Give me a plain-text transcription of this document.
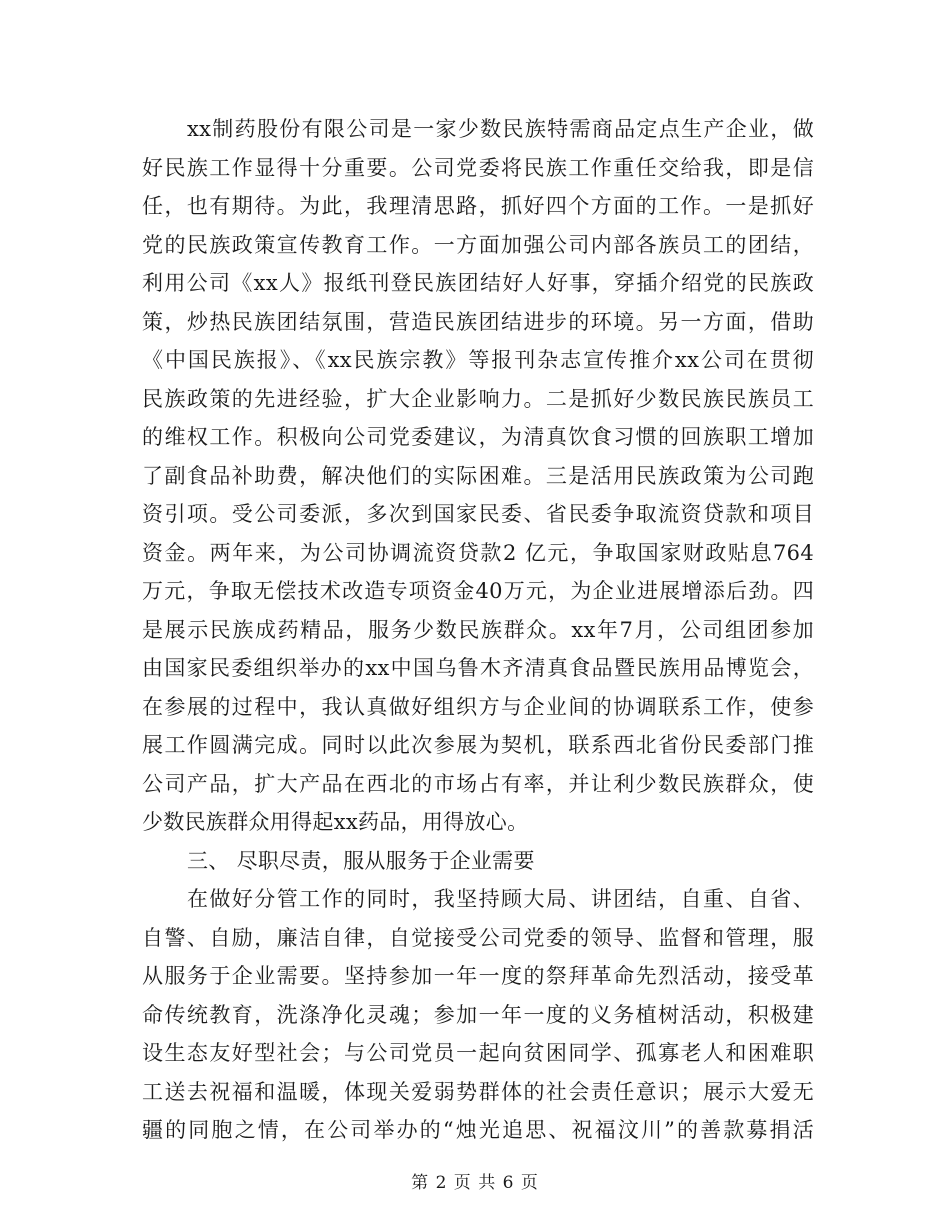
xx制药股份有限公司是一家少数民族特需商品定点生产企业，做
好民族工作显得十分重要。公司党委将民族工作重任交给我，即是信
任，也有期待。为此，我理清思路，抓好四个方面的工作。一是抓好
党的民族政策宣传教育工作。一方面加强公司内部各族员工的团结，
利用公司《xx人》报纸刊登民族团结好人好事，穿插介绍党的民族政
策，炒热民族团结氛围，营造民族团结进步的环境。另一方面，借助
《中国民族报》、《xx民族宗教》等报刊杂志宣传推介xx公司在贯彻
民族政策的先进经验，扩大企业影响力。二是抓好少数民族民族员工
的维权工作。积极向公司党委建议，为清真饮食习惯的回族职工增加
了副食品补助费，解决他们的实际困难。三是活用民族政策为公司跑
资引项。受公司委派，多次到国家民委、省民委争取流资贷款和项目
资金。两年来，为公司协调流资贷款2 亿元，争取国家财政贴息764
万元，争取无偿技术改造专项资金40万元，为企业进展增添后劲。四
是展示民族成药精品，服务少数民族群众。xx年7月，公司组团参加
由国家民委组织举办的xx中国乌鲁木齐清真食品暨民族用品博览会，
在参展的过程中，我认真做好组织方与企业间的协调联系工作，使参
展工作圆满完成。同时以此次参展为契机，联系西北省份民委部门推
公司产品，扩大产品在西北的市场占有率，并让利少数民族群众，使
少数民族群众用得起xx药品，用得放心。
三、 尽职尽责，服从服务于企业需要
在做好分管工作的同时，我坚持顾大局、讲团结，自重、自省、
自警、自励，廉洁自律，自觉接受公司党委的领导、监督和管理，服
从服务于企业需要。坚持参加一年一度的祭拜革命先烈活动，接受革
命传统教育，洗涤净化灵魂；参加一年一度的义务植树活动，积极建
设生态友好型社会；与公司党员一起向贫困同学、孤寡老人和困难职
工送去祝福和温暖，体现关爱弱势群体的社会责任意识；展示大爱无
疆的同胞之情，在公司举办的“烛光追思、祝福汶川”的善款募捐活
第 2 页 共 6 页
